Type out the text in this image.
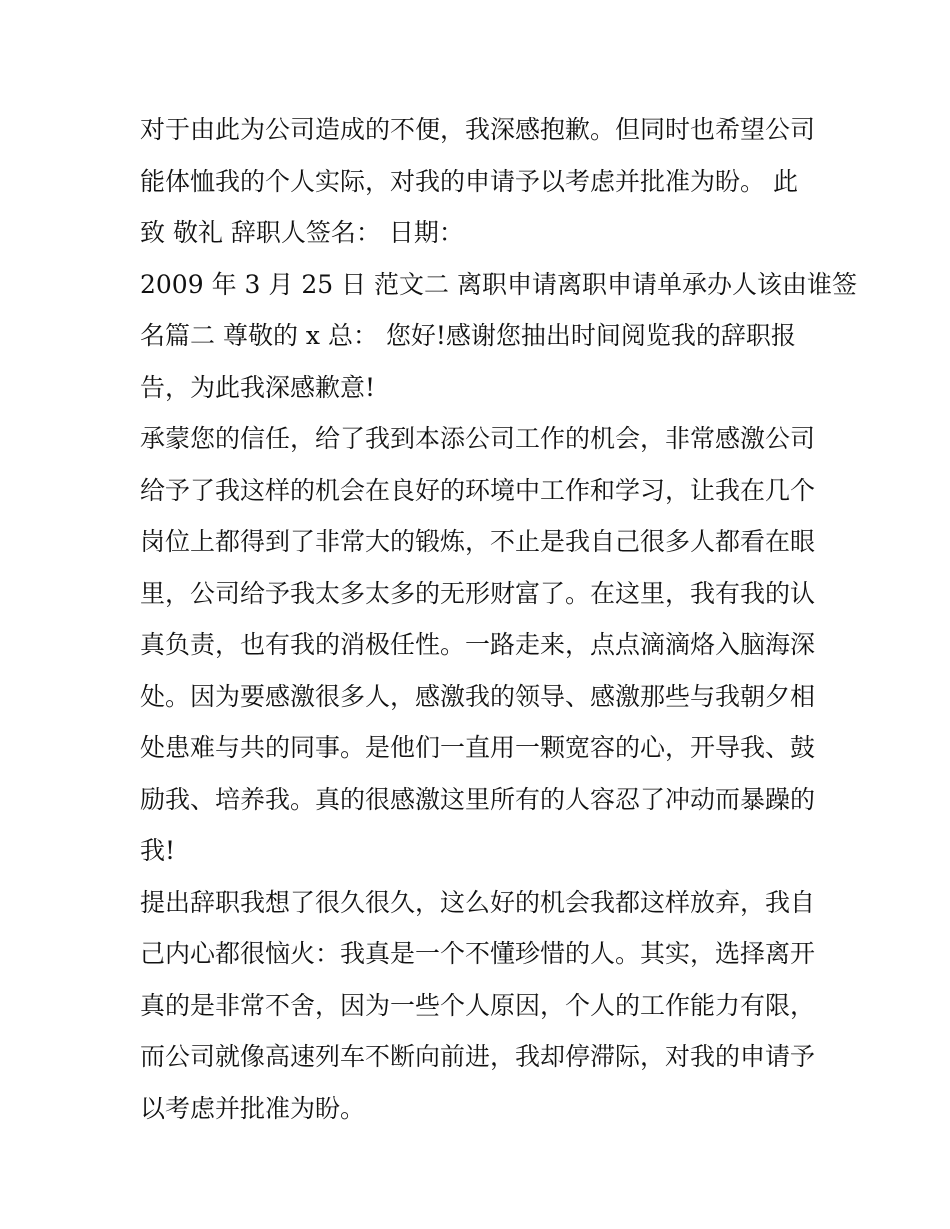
对于由此为公司造成的不便，我深感抱歉。但同时也希望公司
能体恤我的个人实际，对我的申请予以考虑并批准为盼。 此
致 敬礼 辞职人签名： 日期：
2009 年 3 月 25 日 范文二 离职申请离职申请单承办人该由谁签
名篇二 尊敬的 x 总： 您好!感谢您抽出时间阅览我的辞职报
告，为此我深感歉意!
承蒙您的信任，给了我到本添公司工作的机会，非常感激公司
给予了我这样的机会在良好的环境中工作和学习，让我在几个
岗位上都得到了非常大的锻炼，不止是我自己很多人都看在眼
里，公司给予我太多太多的无形财富了。在这里，我有我的认
真负责，也有我的消极任性。一路走来，点点滴滴烙入脑海深
处。因为要感激很多人，感激我的领导、感激那些与我朝夕相
处患难与共的同事。是他们一直用一颗宽容的心，开导我、鼓
励我、培养我。真的很感激这里所有的人容忍了冲动而暴躁的
我!
提出辞职我想了很久很久，这么好的机会我都这样放弃，我自
己内心都很恼火：我真是一个不懂珍惜的人。其实，选择离开
真的是非常不舍，因为一些个人原因，个人的工作能力有限，
而公司就像高速列车不断向前进，我却停滞际，对我的申请予
以考虑并批准为盼。
